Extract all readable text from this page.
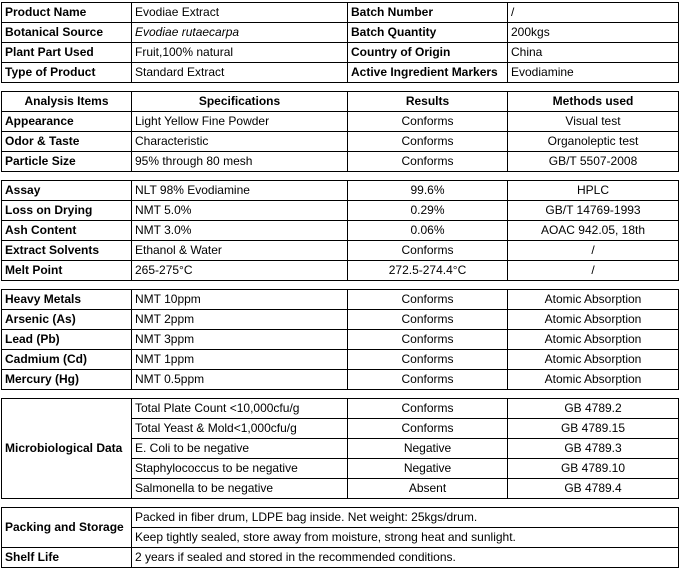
Product Name	Evodiae Extract	Batch Number	/
Botanical Source	Evodiae rutaecarpa	Batch Quantity	200kgs
Plant Part Used	Fruit,100% natural	Country of Origin	China
Type of Product	Standard Extract	Active Ingredient Markers	Evodiamine
Analysis Items	Specifications	Results	Methods used
Appearance	Light Yellow Fine Powder	Conforms	Visual test
Odor & Taste	Characteristic	Conforms	Organoleptic test
Particle Size	95% through 80 mesh	Conforms	GB/T 5507-2008
Assay	NLT 98% Evodiamine	99.6%	HPLC
Loss on Drying	NMT 5.0%	0.29%	GB/T 14769-1993
Ash Content	NMT 3.0%	0.06%	AOAC 942.05, 18th
Extract Solvents	Ethanol & Water	Conforms	/
Melt Point	265-275°C	272.5-274.4°C	/
Heavy Metals	NMT 10ppm	Conforms	Atomic Absorption
Arsenic (As)	NMT 2ppm	Conforms	Atomic Absorption
Lead (Pb)	NMT 3ppm	Conforms	Atomic Absorption
Cadmium (Cd)	NMT 1ppm	Conforms	Atomic Absorption
Mercury (Hg)	NMT 0.5ppm	Conforms	Atomic Absorption
Microbiological Data	Total Plate Count <10,000cfu/g	Conforms	GB 4789.2
	Total Yeast & Mold<1,000cfu/g	Conforms	GB 4789.15
	E. Coli to be negative	Negative	GB 4789.3
	Staphylococcus to be negative	Negative	GB 4789.10
	Salmonella to be negative	Absent	GB 4789.4
Packing and Storage	Packed in fiber drum, LDPE bag inside. Net weight: 25kgs/drum.
	Keep tightly sealed, store away from moisture, strong heat and sunlight.
Shelf Life	2 years if sealed and stored in the recommended conditions.
